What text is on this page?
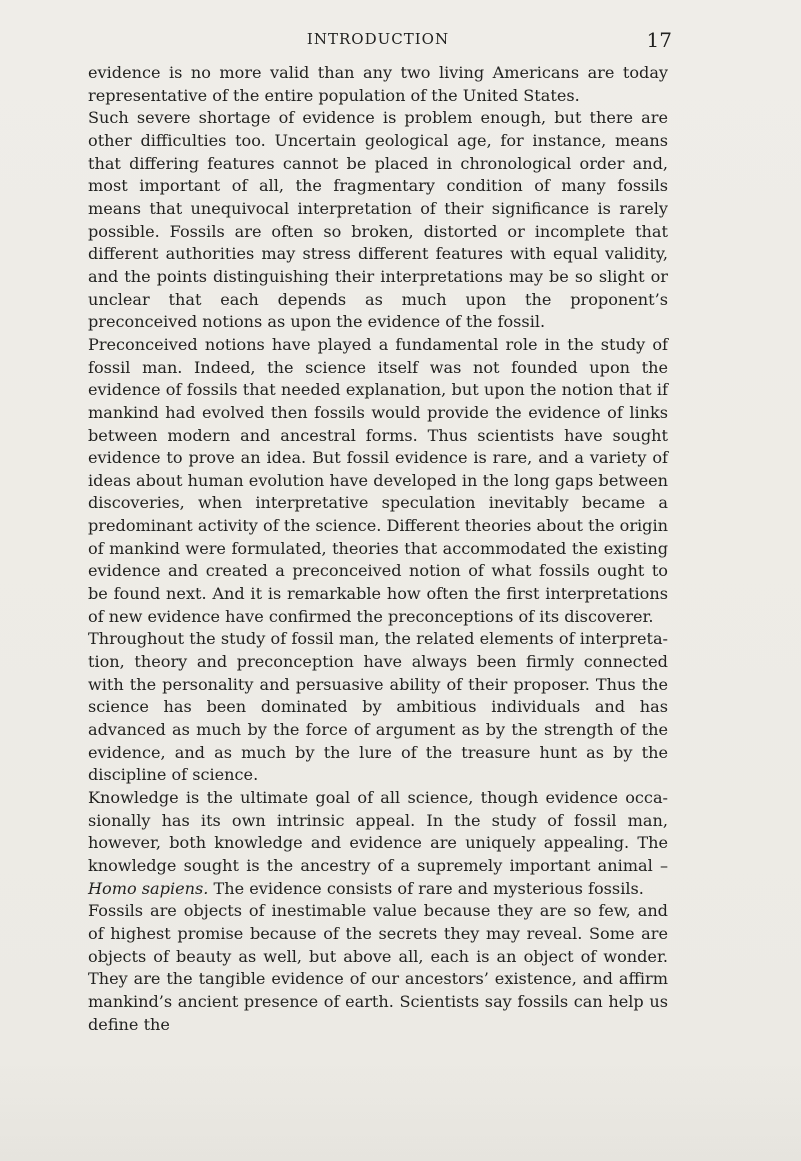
INTRODUCTION	17

evidence is no more valid than any two living Americans are today representative of the entire population of the United States.

Such severe shortage of evidence is problem enough, but there are other difficulties too. Uncertain geological age, for instance, means that differing features cannot be placed in chronological order and, most important of all, the fragmentary condition of many fossils means that unequivocal interpretation of their significance is rarely possible. Fossils are often so broken, distorted or incomplete that different authorities may stress different features with equal validity, and the points distinguishing their interpretations may be so slight or unclear that each depends as much upon the proponent’s preconceived notions as upon the evidence of the fossil.

Preconceived notions have played a fundamental role in the study of fossil man. Indeed, the science itself was not founded upon the evidence of fossils that needed explanation, but upon the notion that if mankind had evolved then fossils would provide the evidence of links between modern and ancestral forms. Thus scientists have sought evidence to prove an idea. But fossil evidence is rare, and a variety of ideas about human evolution have developed in the long gaps between discoveries, when interpretative speculation inevitably became a predominant activity of the science. Different theories about the origin of mankind were formulated, theories that accommodated the existing evidence and created a preconceived notion of what fossils ought to be found next. And it is remarkable how often the first interpretations of new evidence have confirmed the preconceptions of its discoverer.

Throughout the study of fossil man, the related elements of interpretation, theory and preconception have always been firmly connected with the personality and persuasive ability of their proposer. Thus the science has been dominated by ambitious individuals and has advanced as much by the force of argument as by the strength of the evidence, and as much by the lure of the treasure hunt as by the discipline of science.

Knowledge is the ultimate goal of all science, though evidence occasionally has its own intrinsic appeal. In the study of fossil man, however, both knowledge and evidence are uniquely appealing. The knowledge sought is the ancestry of a supremely important animal – Homo sapiens. The evidence consists of rare and mysterious fossils.

Fossils are objects of inestimable value because they are so few, and of highest promise because of the secrets they may reveal. Some are objects of beauty as well, but above all, each is an object of wonder. They are the tangible evidence of our ancestors’ existence, and affirm mankind’s ancient presence of earth. Scientists say fossils can help us define the
